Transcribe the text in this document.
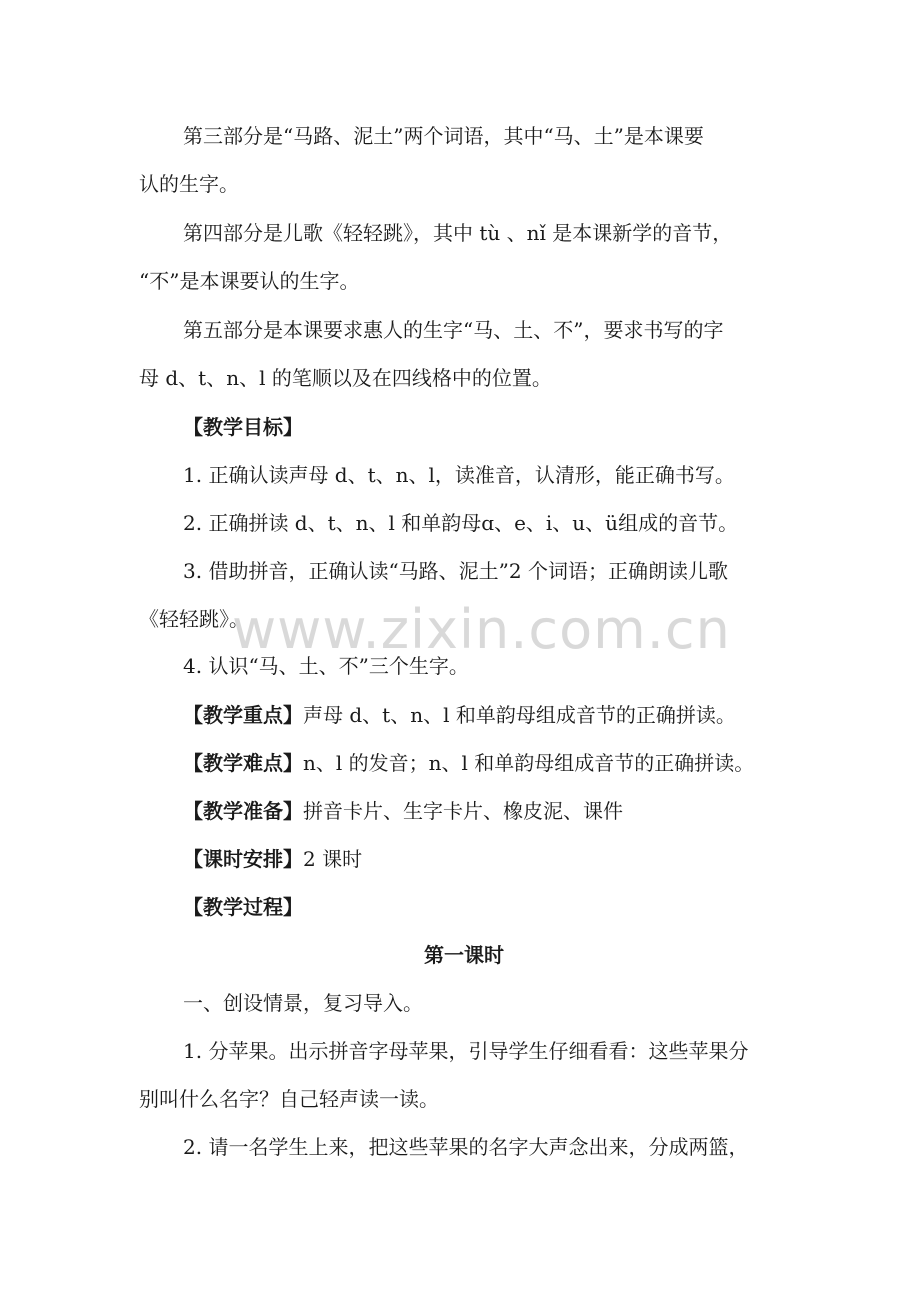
第三部分是“马路、泥土”两个词语，其中“马、土”是本课要

认的生字。

第四部分是儿歌《轻轻跳》，其中 tù 、nǐ 是本课新学的音节，

“不”是本课要认的生字。

第五部分是本课要求惠人的生字“马、土、不”，要求书写的字

母 d、t、n、l 的笔顺以及在四线格中的位置。

【教学目标】

1. 正确认读声母 d、t、n、l，读准音，认清形，能正确书写。

2. 正确拼读 d、t、n、l 和单韵母ɑ、e、i、u、ü组成的音节。

3. 借助拼音，正确认读“马路、泥土”2 个词语；正确朗读儿歌

《轻轻跳》。

4. 认识“马、土、不”三个生字。

【教学重点】声母 d、t、n、l 和单韵母组成音节的正确拼读。

【教学难点】n、l 的发音；n、l 和单韵母组成音节的正确拼读。

【教学准备】拼音卡片、生字卡片、橡皮泥、课件

【课时安排】2 课时

【教学过程】

第一课时

一、创设情景，复习导入。

1. 分苹果。出示拼音字母苹果，引导学生仔细看看：这些苹果分

别叫什么名字？自己轻声读一读。

2. 请一名学生上来，把这些苹果的名字大声念出来，分成两篮，

www.zixin.com.cn
